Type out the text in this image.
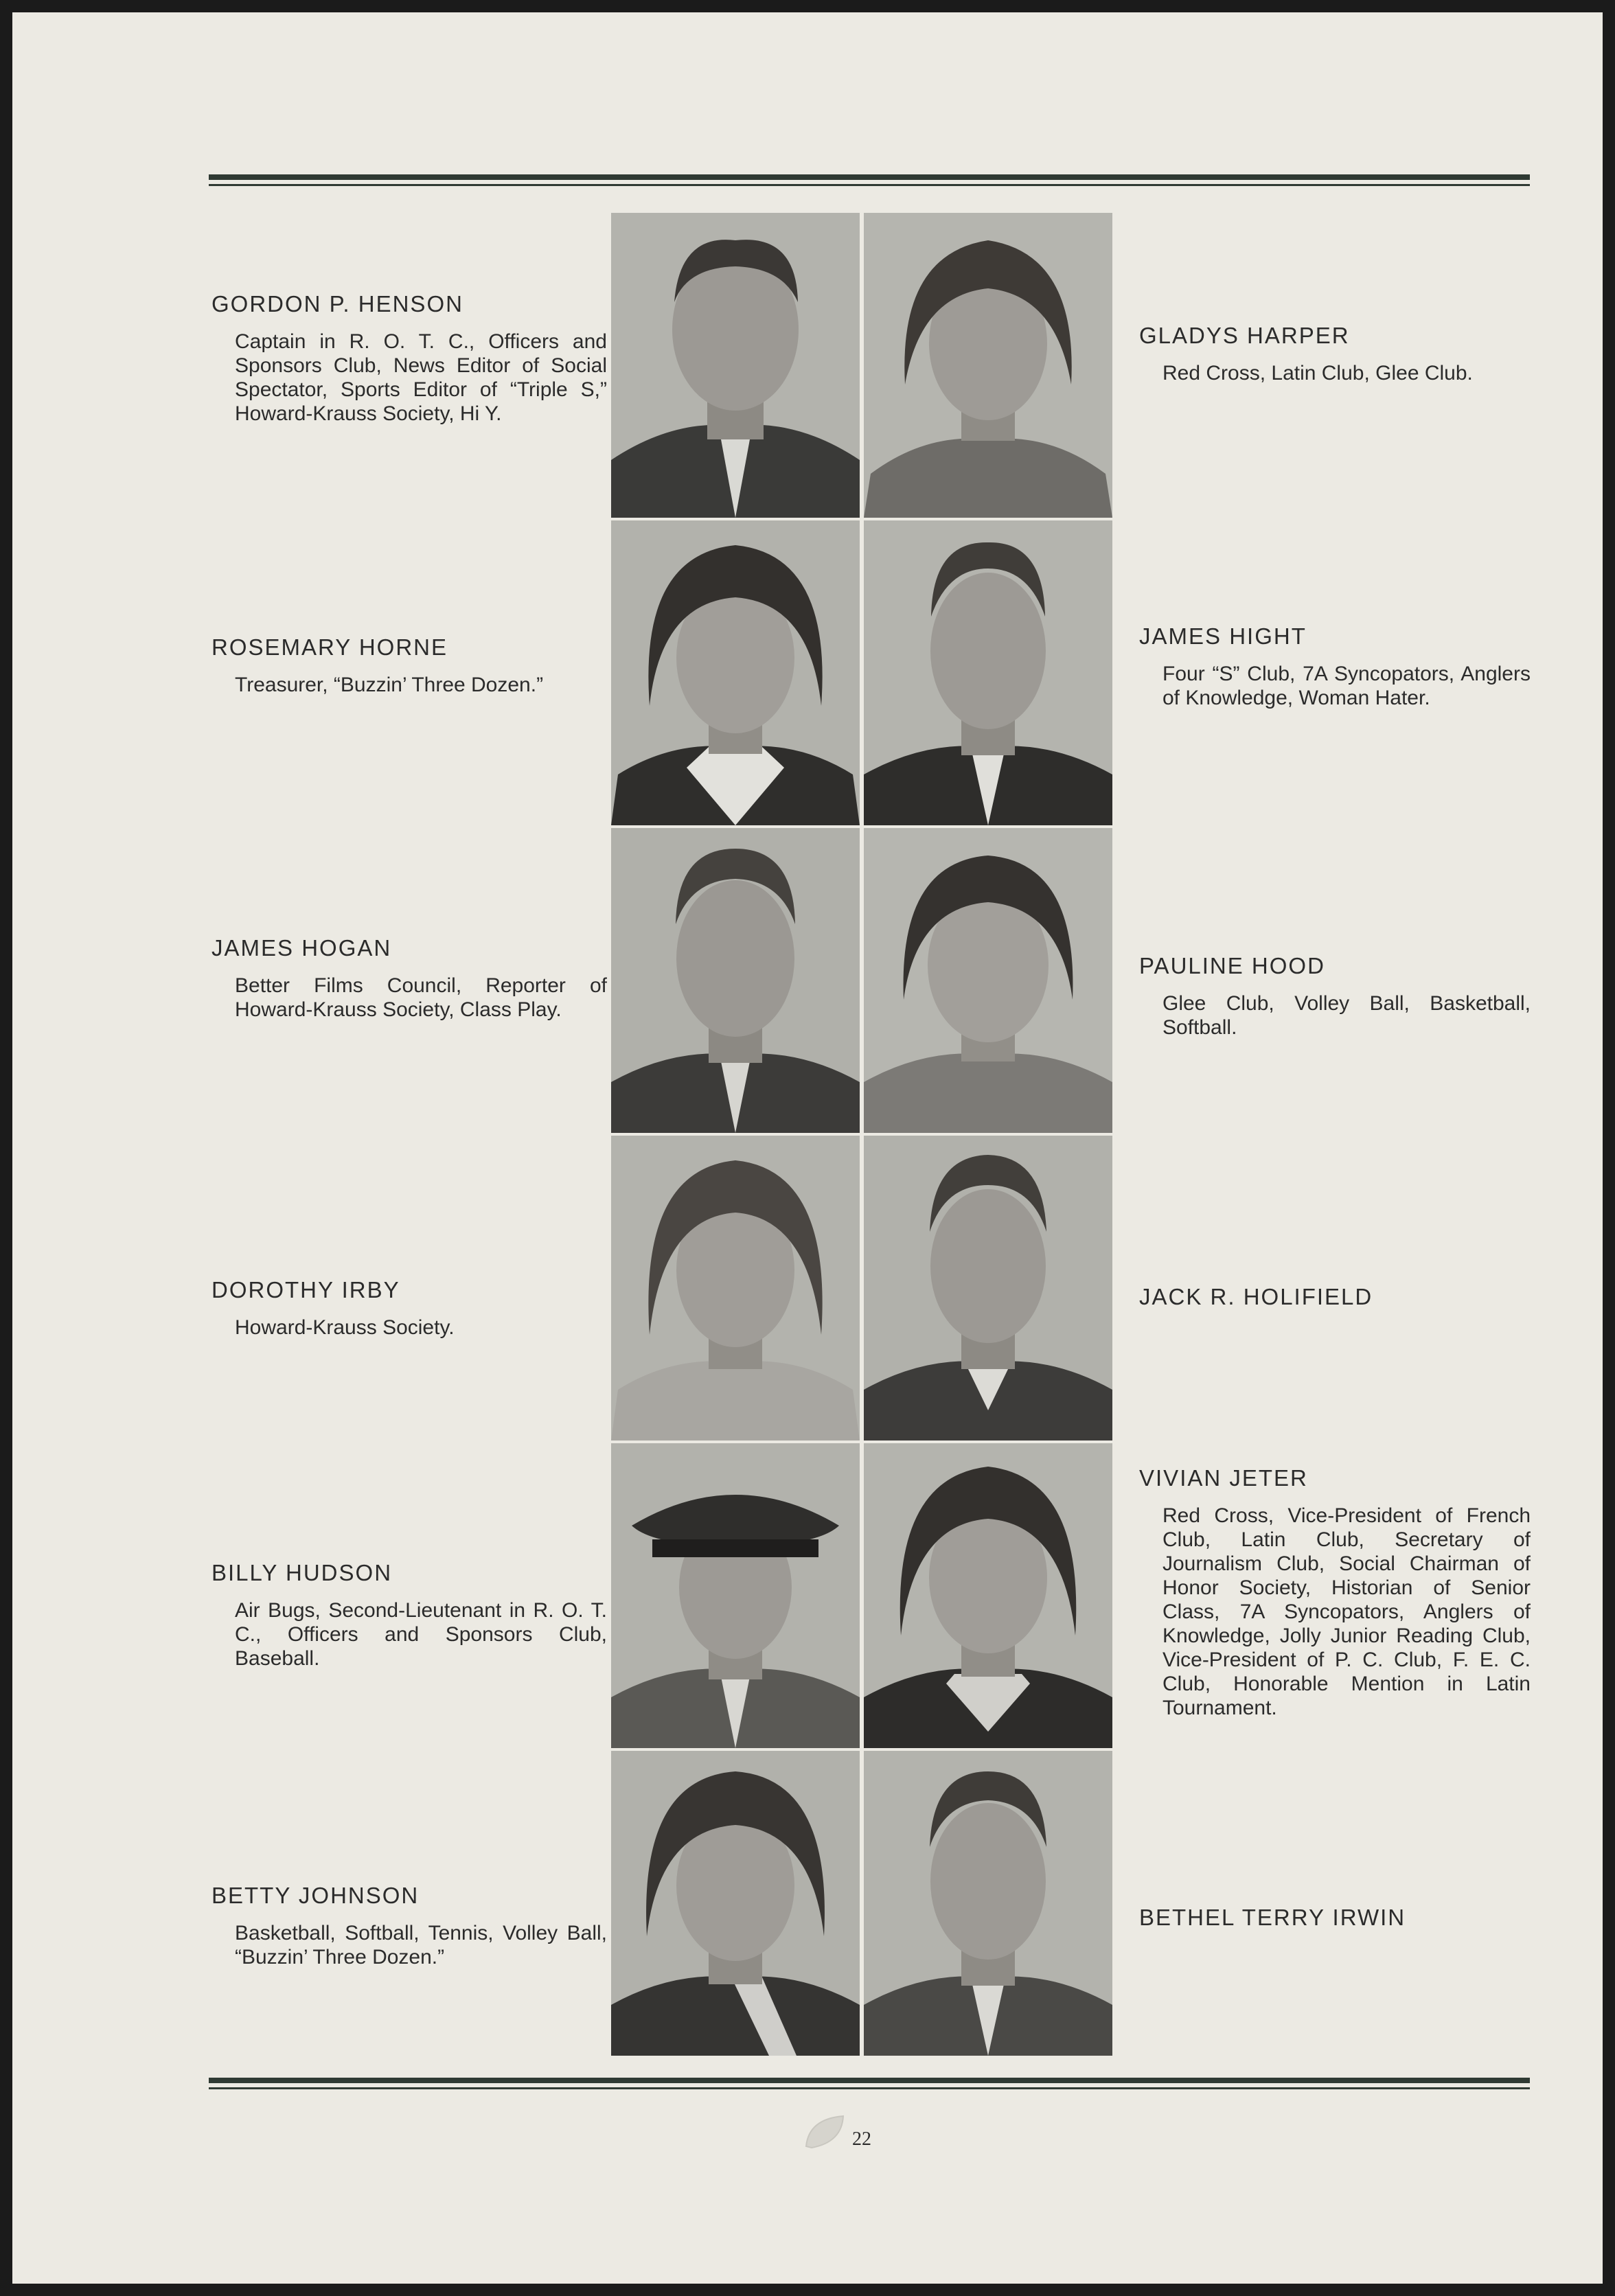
GORDON P. HENSON
Captain in R. O. T. C., Officers and Sponsors Club, News Editor of Social Spectator, Sports Editor of “Triple S,” Howard-Krauss Society, Hi Y.
ROSEMARY HORNE
Treasurer, “Buzzin’ Three Dozen.”
JAMES HOGAN
Better Films Council, Reporter of Howard-Krauss Society, Class Play.
DOROTHY IRBY
Howard-Krauss Society.
BILLY HUDSON
Air Bugs, Second-Lieutenant in R. O. T. C., Officers and Sponsors Club, Baseball.
BETTY JOHNSON
Basketball, Softball, Tennis, Volley Ball, “Buzzin’ Three Dozen.”
GLADYS HARPER
Red Cross, Latin Club, Glee Club.
JAMES HIGHT
Four “S” Club, 7A Syncopators, Anglers of Knowledge, Woman Hater.
PAULINE HOOD
Glee Club, Volley Ball, Basketball, Softball.
JACK R. HOLIFIELD
VIVIAN JETER
Red Cross, Vice-President of French Club, Latin Club, Secretary of Journalism Club, Social Chairman of Honor Society, Historian of Senior Class, 7A Syncopators, Anglers of Knowledge, Jolly Junior Reading Club, Vice-President of P. C. Club, F. E. C. Club, Honorable Mention in Latin Tournament.
BETHEL TERRY IRWIN
22
